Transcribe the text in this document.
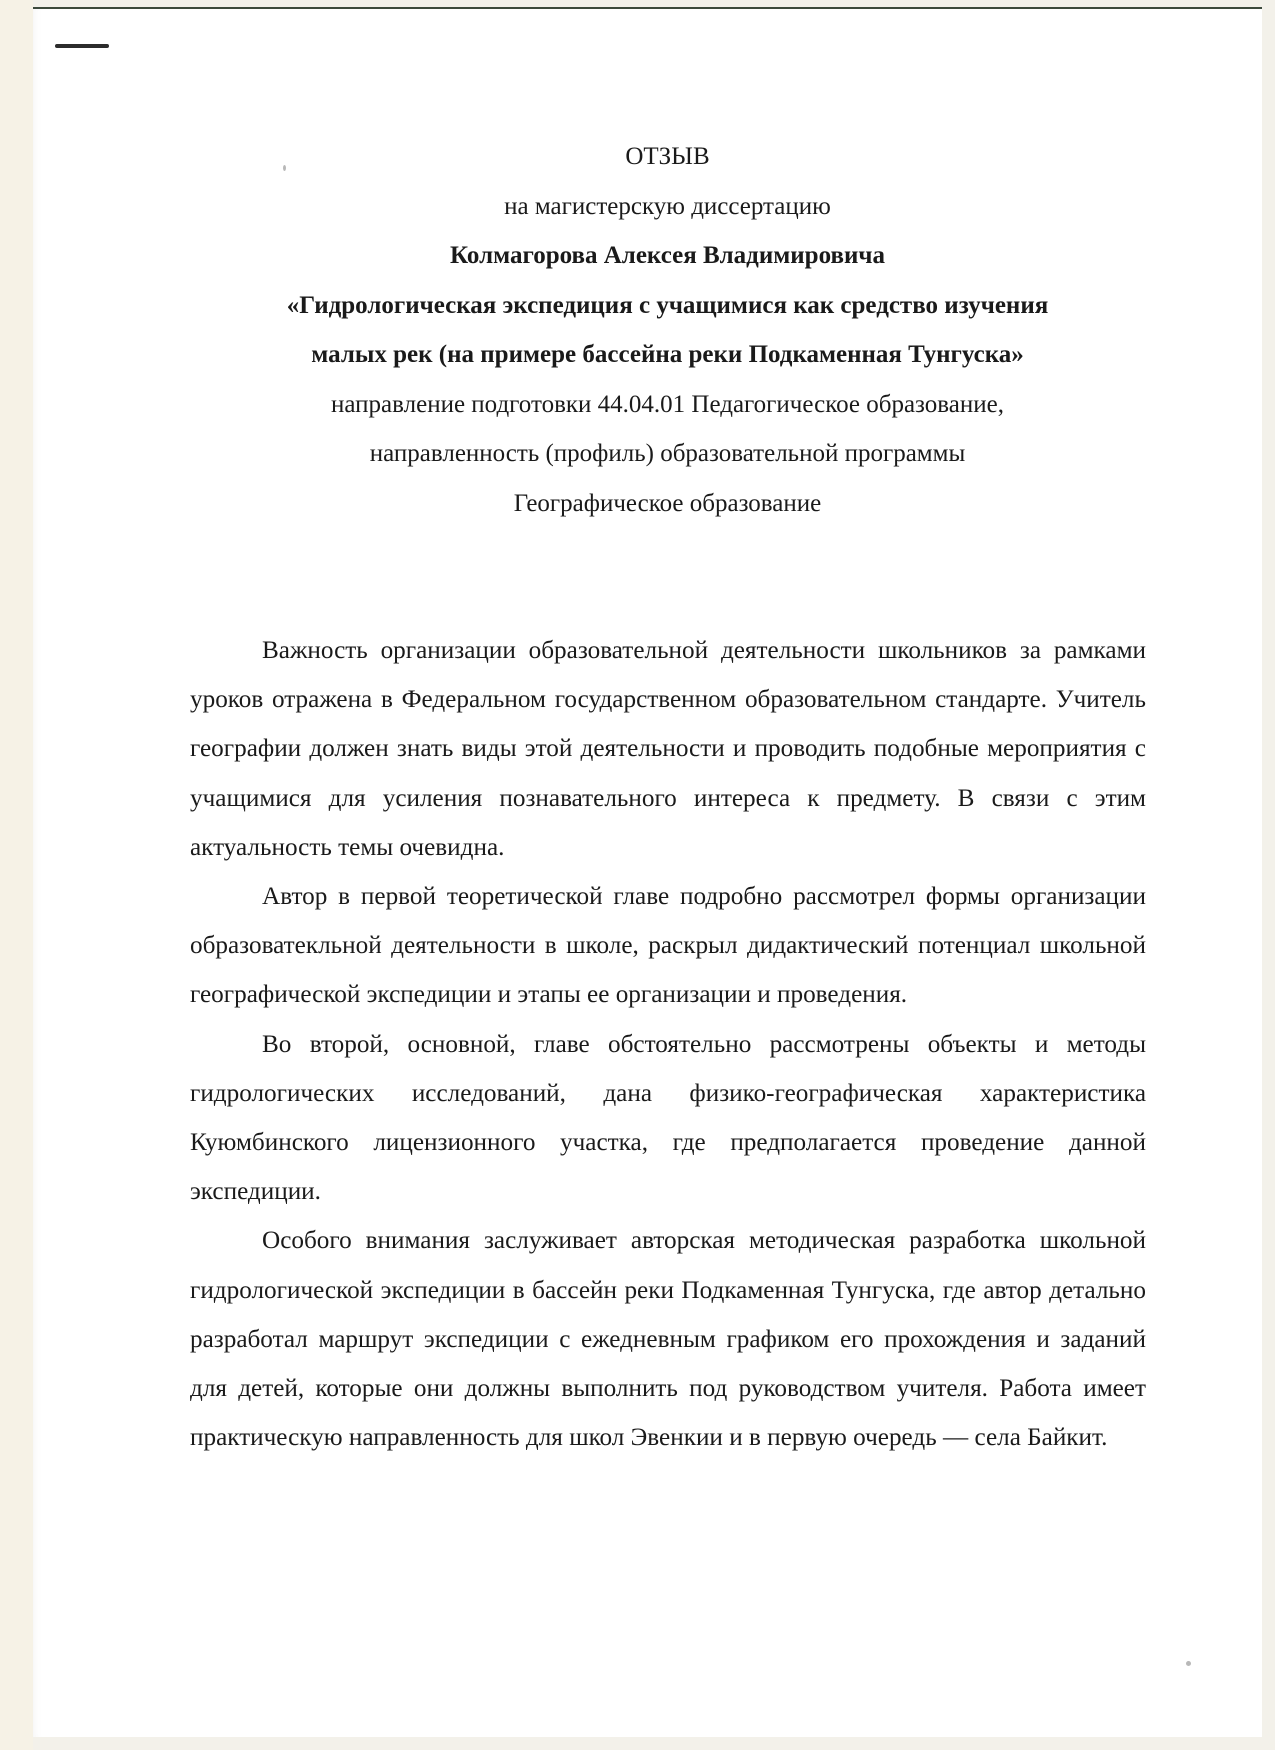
ОТЗЫВ
на магистерскую диссертацию
Колмагорова Алексея Владимировича
«Гидрологическая экспедиция с учащимися как средство изучения
малых рек (на примере бассейна реки Подкаменная Тунгуска»
направление подготовки 44.04.01 Педагогическое образование,
направленность (профиль) образовательной программы
Географическое образование

Важность организации образовательной деятельности школьников за рамками уроков отражена в Федеральном государственном образовательном стандарте. Учитель географии должен знать виды этой деятельности и проводить подобные мероприятия с учащимися для усиления познавательного интереса к предмету. В связи с этим актуальность темы очевидна.

Автор в первой теоретической главе подробно рассмотрел формы организации образоватекльной деятельности в школе, раскрыл дидактический потенциал школьной географической экспедиции и этапы ее организации и проведения.

Во второй, основной, главе обстоятельно рассмотрены объекты и методы гидрологических исследований, дана физико-географическая характеристика Куюмбинского лицензионного участка, где предполагается проведение данной экспедиции.

Особого внимания заслуживает авторская методическая разработка школьной гидрологической экспедиции в бассейн реки Подкаменная Тунгуска, где автор детально разработал маршрут экспедиции с ежедневным графиком его прохождения и заданий для детей, которые они должны выполнить под руководством учителя. Работа имеет практическую направленность для школ Эвенкии и в первую очередь — села Байкит.
